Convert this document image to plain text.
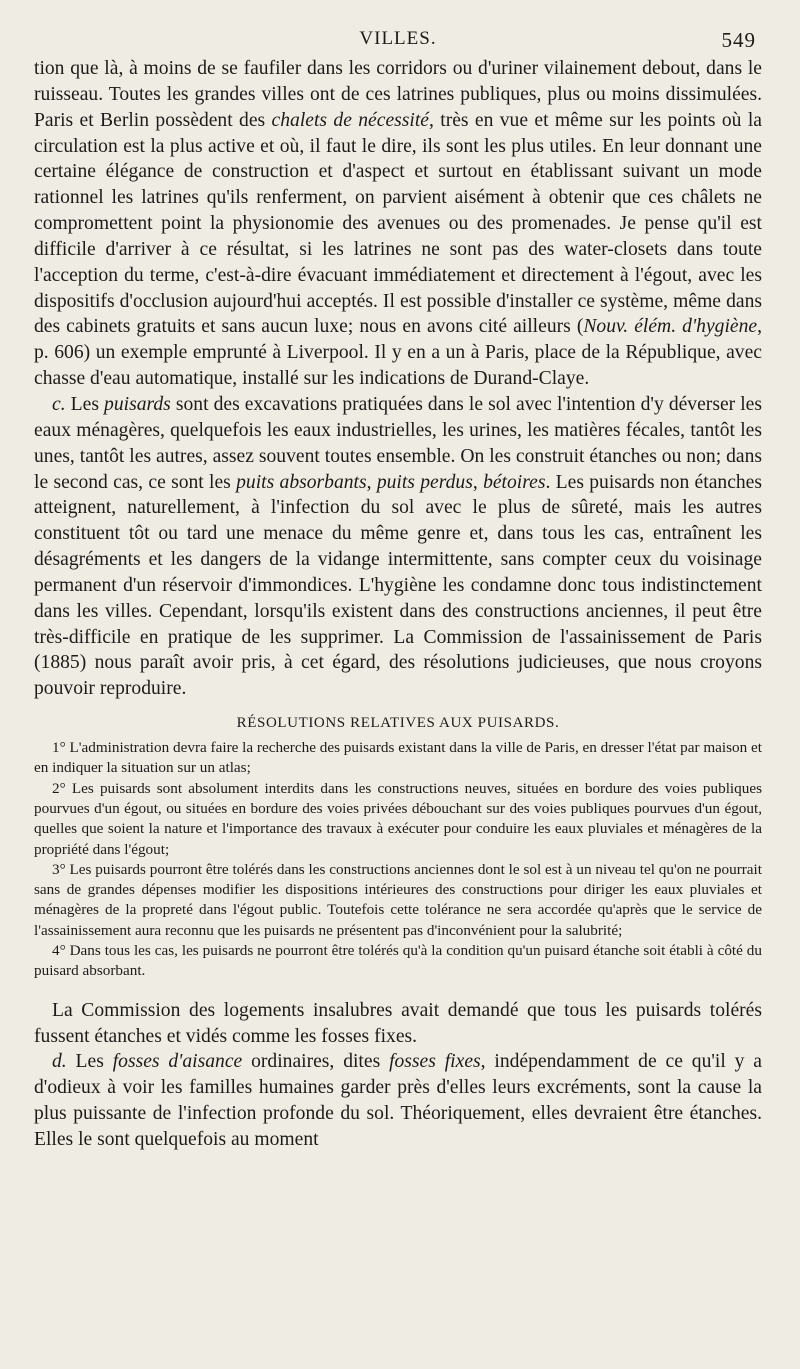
VILLES.	549

tion que là, à moins de se faufiler dans les corridors ou d'uriner vilainement debout, dans le ruisseau. Toutes les grandes villes ont de ces latrines publiques, plus ou moins dissimulées. Paris et Berlin possèdent des chalets de nécessité, très en vue et même sur les points où la circulation est la plus active et où, il faut le dire, ils sont les plus utiles. En leur donnant une certaine élégance de construction et d'aspect et surtout en établissant suivant un mode rationnel les latrines qu'ils renferment, on parvient aisément à obtenir que ces châlets ne compromettent point la physionomie des avenues ou des promenades. Je pense qu'il est difficile d'arriver à ce résultat, si les latrines ne sont pas des water-closets dans toute l'acception du terme, c'est-à-dire évacuant immédiatement et directement à l'égout, avec les dispositifs d'occlusion aujourd'hui acceptés. Il est possible d'installer ce système, même dans des cabinets gratuits et sans aucun luxe; nous en avons cité ailleurs (Nouv. élém. d'hygiène, p. 606) un exemple emprunté à Liverpool. Il y en a un à Paris, place de la République, avec chasse d'eau automatique, installé sur les indications de Durand-Claye.

c. Les puisards sont des excavations pratiquées dans le sol avec l'intention d'y déverser les eaux ménagères, quelquefois les eaux industrielles, les urines, les matières fécales, tantôt les unes, tantôt les autres, assez souvent toutes ensemble. On les construit étanches ou non; dans le second cas, ce sont les puits absorbants, puits perdus, bétoires. Les puisards non étanches atteignent, naturellement, à l'infection du sol avec le plus de sûreté, mais les autres constituent tôt ou tard une menace du même genre et, dans tous les cas, entraînent les désagréments et les dangers de la vidange intermittente, sans compter ceux du voisinage permanent d'un réservoir d'immondices. L'hygiène les condamne donc tous indistinctement dans les villes. Cependant, lorsqu'ils existent dans des constructions anciennes, il peut être très-difficile en pratique de les supprimer. La Commission de l'assainissement de Paris (1885) nous paraît avoir pris, à cet égard, des résolutions judicieuses, que nous croyons pouvoir reproduire.

RÉSOLUTIONS RELATIVES AUX PUISARDS.

1° L'administration devra faire la recherche des puisards existant dans la ville de Paris, en dresser l'état par maison et en indiquer la situation sur un atlas;

2° Les puisards sont absolument interdits dans les constructions neuves, situées en bordure des voies publiques pourvues d'un égout, ou situées en bordure des voies privées débouchant sur des voies publiques pourvues d'un égout, quelles que soient la nature et l'importance des travaux à exécuter pour conduire les eaux pluviales et ménagères de la propriété dans l'égout;

3° Les puisards pourront être tolérés dans les constructions anciennes dont le sol est à un niveau tel qu'on ne pourrait sans de grandes dépenses modifier les dispositions intérieures des constructions pour diriger les eaux pluviales et ménagères de la propreté dans l'égout public. Toutefois cette tolérance ne sera accordée qu'après que le service de l'assainissement aura reconnu que les puisards ne présentent pas d'inconvénient pour la salubrité;

4° Dans tous les cas, les puisards ne pourront être tolérés qu'à la condition qu'un puisard étanche soit établi à côté du puisard absorbant.

La Commission des logements insalubres avait demandé que tous les puisards tolérés fussent étanches et vidés comme les fosses fixes.

d. Les fosses d'aisance ordinaires, dites fosses fixes, indépendamment de ce qu'il y a d'odieux à voir les familles humaines garder près d'elles leurs excréments, sont la cause la plus puissante de l'infection profonde du sol. Théoriquement, elles devraient être étanches. Elles le sont quelquefois au moment
